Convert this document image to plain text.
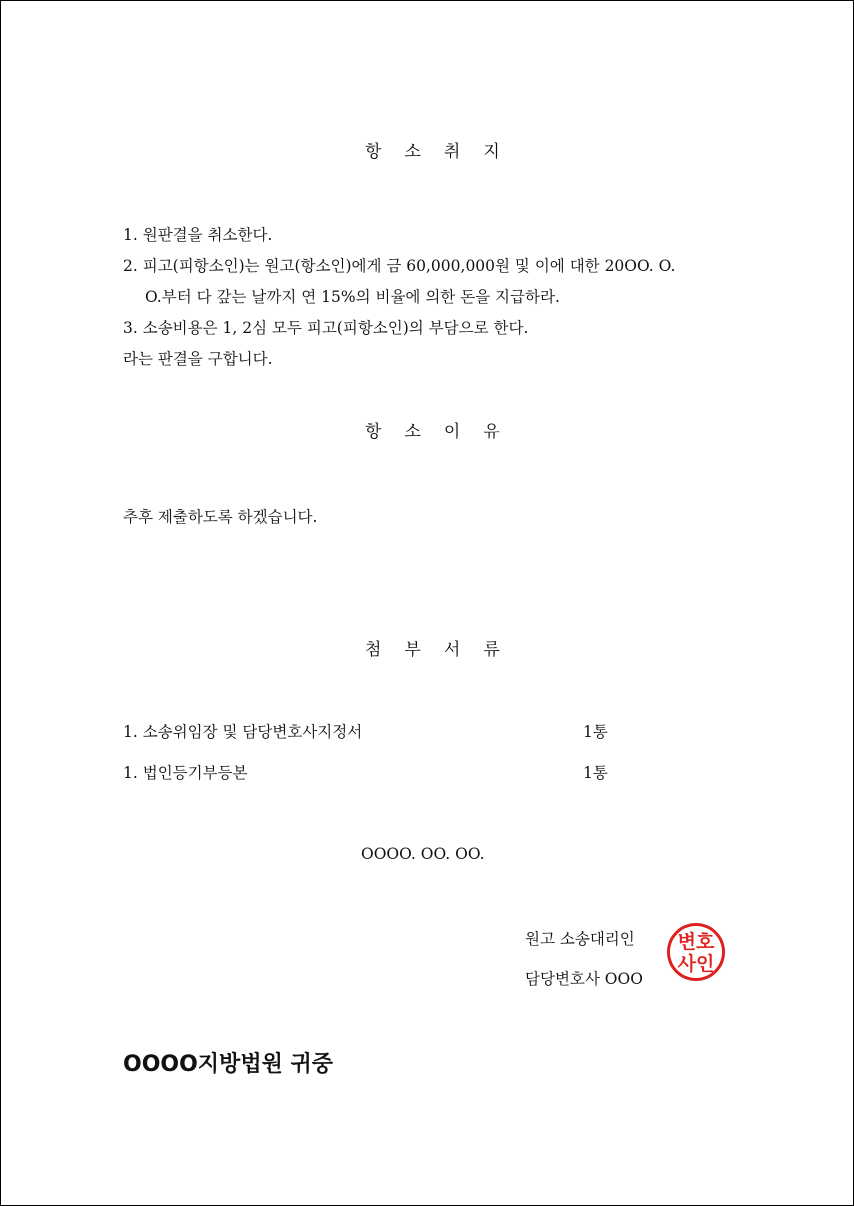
항 소 취 지
1. 원판결을 취소한다.
2. 피고(피항소인)는 원고(항소인)에게 금 60,000,000원 및 이에 대한 20OO. O.
O.부터 다 갚는 날까지 연 15%의 비율에 의한 돈을 지급하라.
3. 소송비용은 1, 2심 모두 피고(피항소인)의 부담으로 한다.
라는 판결을 구합니다.
항 소 이 유
추후 제출하도록 하겠습니다.
첨 부 서 류
1. 소송위임장 및 담당변호사지정서	1통
1. 법인등기부등본	1통
OOOO. OO. OO.
원고 소송대리인
담당변호사 OOO
변호
사인
OOOO지방법원 귀중
